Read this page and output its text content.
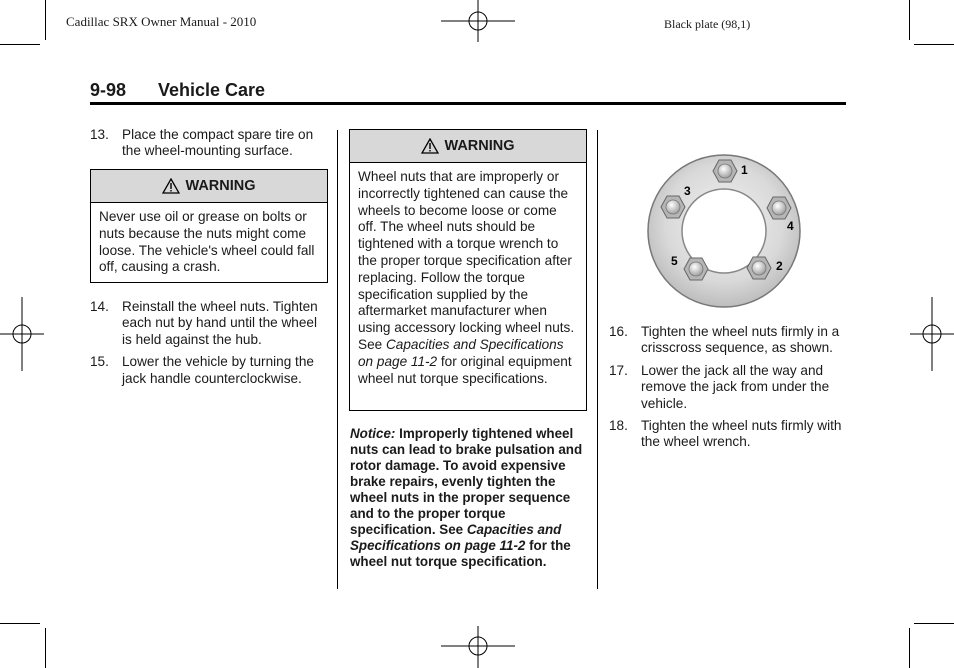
Cadillac SRX Owner Manual - 2010	Black plate (98,1)
9-98 Vehicle Care
13. Place the compact spare tire on the wheel-mounting surface.
WARNING
Never use oil or grease on bolts or nuts because the nuts might come loose. The vehicle's wheel could fall off, causing a crash.
14. Reinstall the wheel nuts. Tighten each nut by hand until the wheel is held against the hub.
15. Lower the vehicle by turning the jack handle counterclockwise.
WARNING
Wheel nuts that are improperly or incorrectly tightened can cause the wheels to become loose or come off. The wheel nuts should be tightened with a torque wrench to the proper torque specification after replacing. Follow the torque specification supplied by the aftermarket manufacturer when using accessory locking wheel nuts. See Capacities and Specifications on page 11-2 for original equipment wheel nut torque specifications.
Notice: Improperly tightened wheel nuts can lead to brake pulsation and rotor damage. To avoid expensive brake repairs, evenly tighten the wheel nuts in the proper sequence and to the proper torque specification. See Capacities and Specifications on page 11-2 for the wheel nut torque specification.
1
2
3
4
5
16. Tighten the wheel nuts firmly in a crisscross sequence, as shown.
17. Lower the jack all the way and remove the jack from under the vehicle.
18. Tighten the wheel nuts firmly with the wheel wrench.
